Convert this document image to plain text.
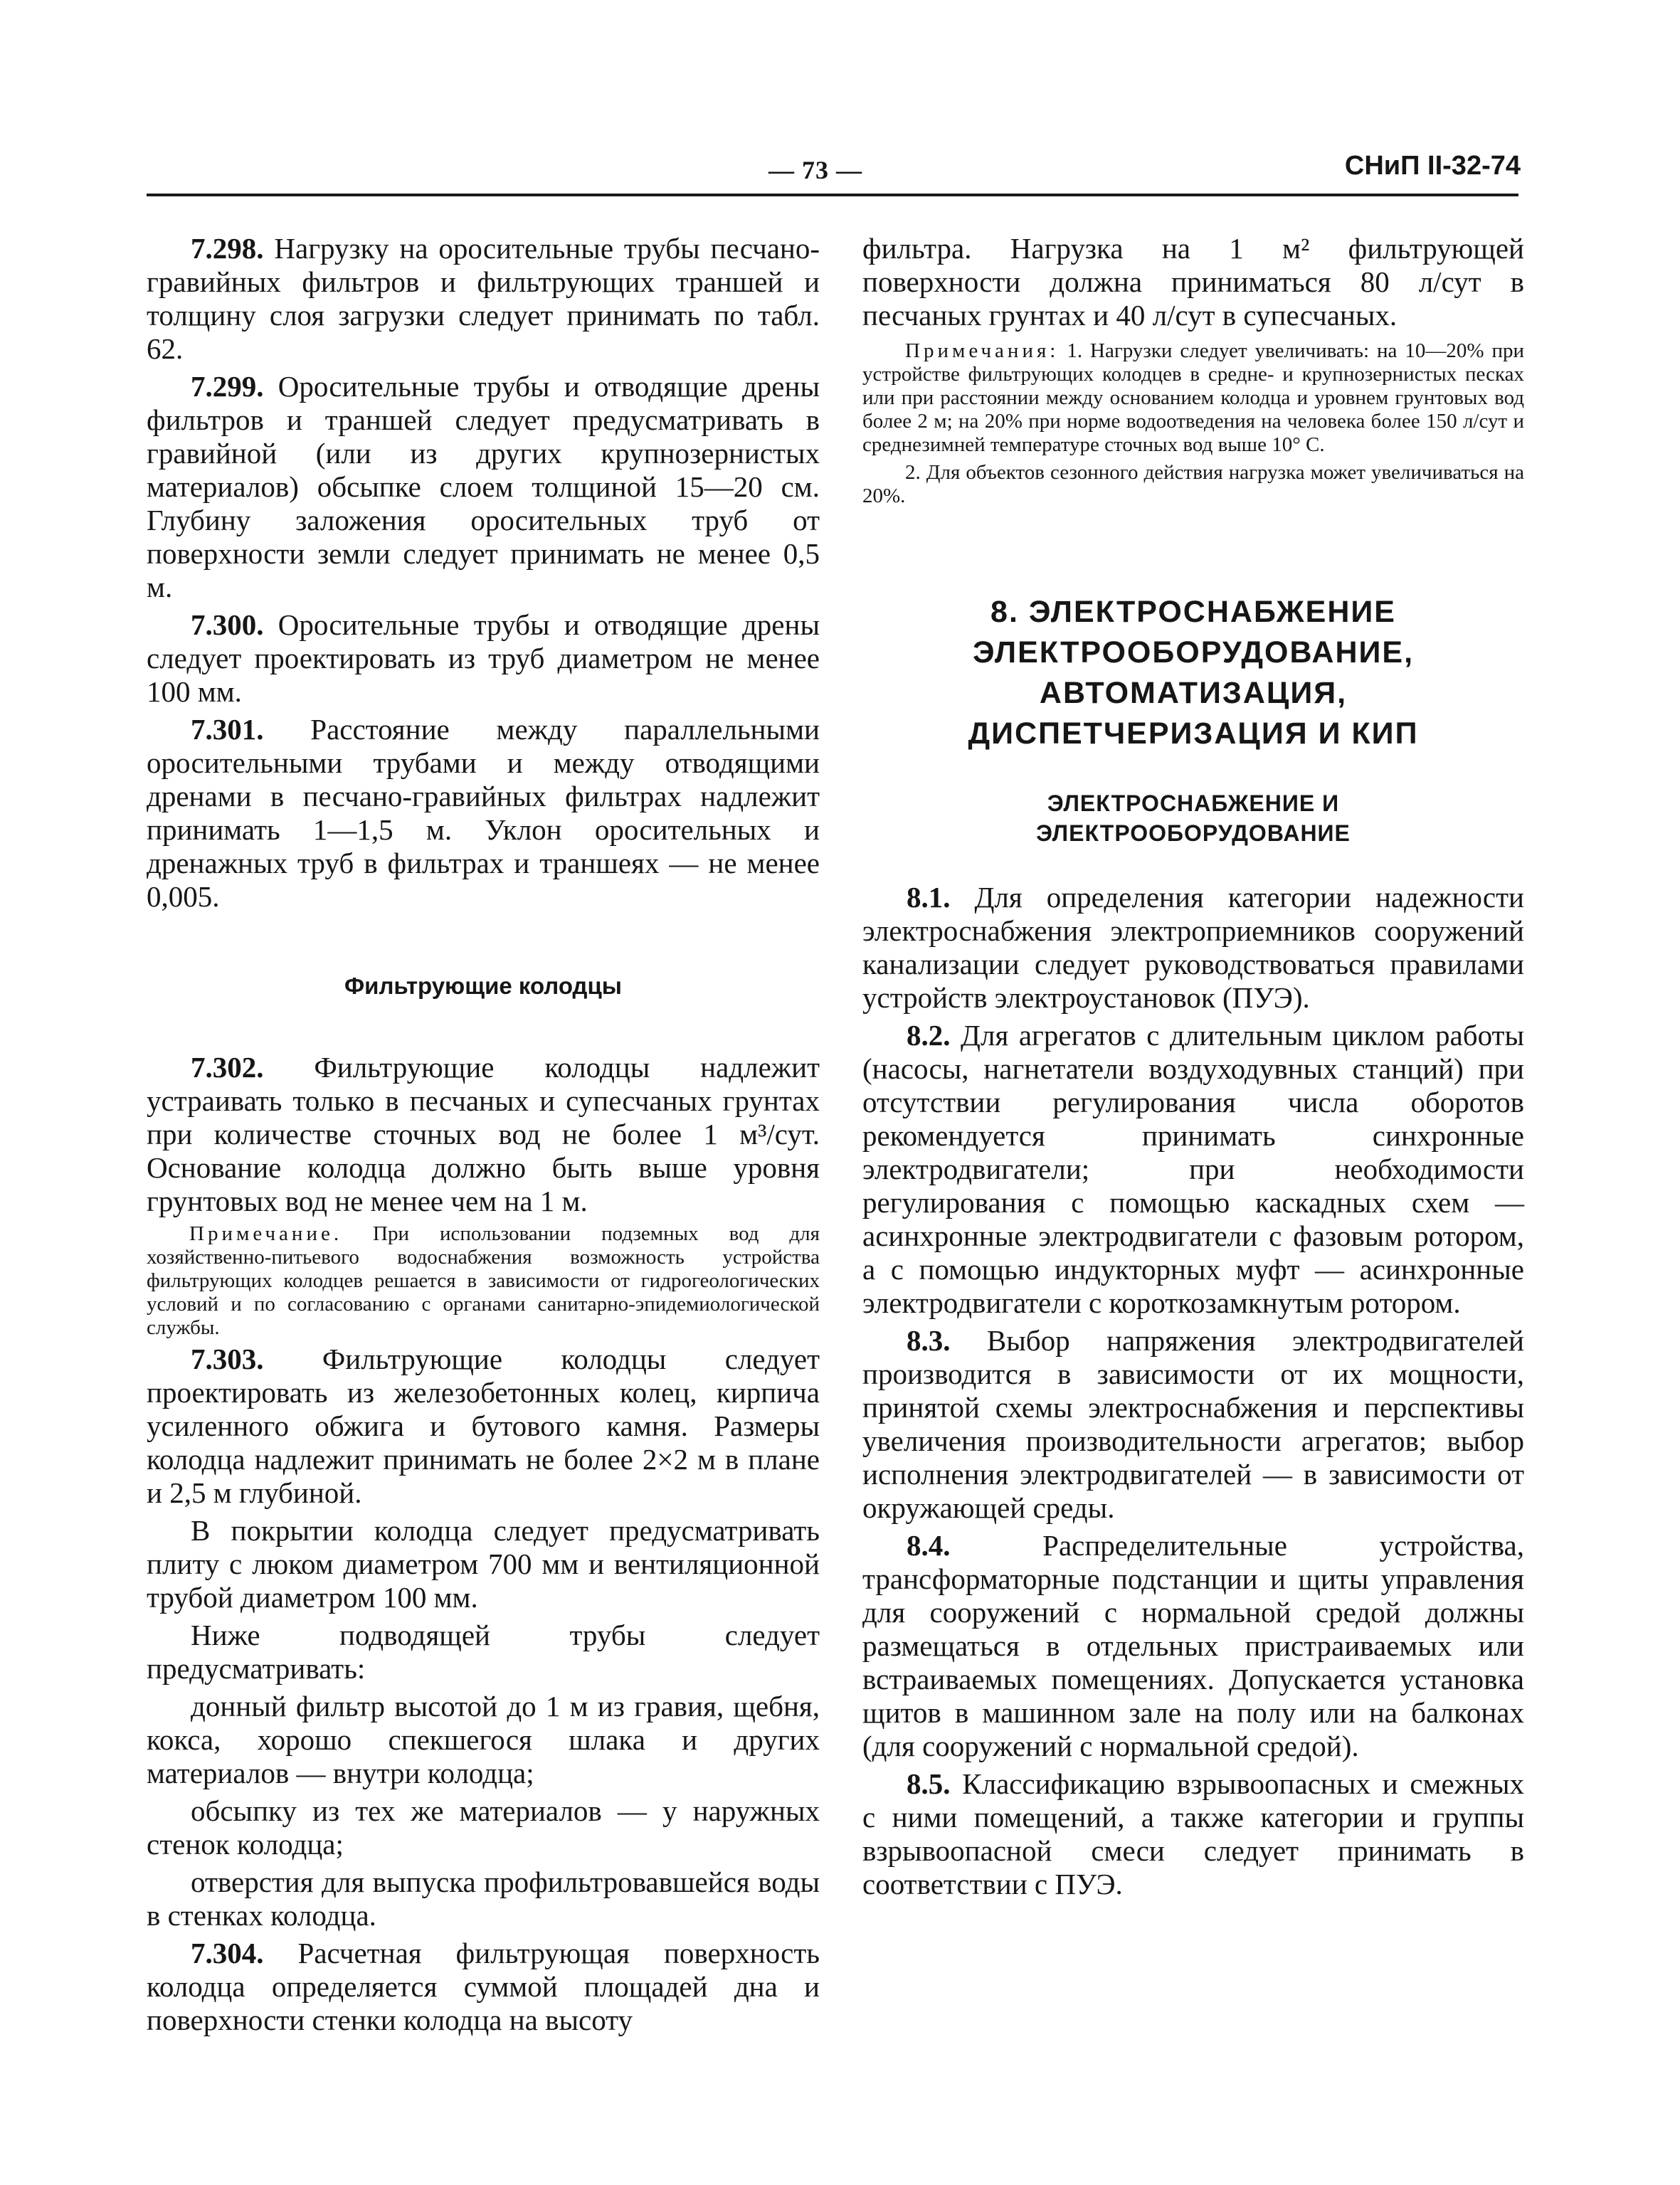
— 73 —	СНиП II-32-74

7.298. Нагрузку на оросительные трубы песчано-гравийных фильтров и фильтрующих траншей и толщину слоя загрузки следует принимать по табл. 62.

7.299. Оросительные трубы и отводящие дрены фильтров и траншей следует предусматривать в гравийной (или из других крупнозернистых материалов) обсыпке слоем толщиной 15—20 см. Глубину заложения оросительных труб от поверхности земли следует принимать не менее 0,5 м.

7.300. Оросительные трубы и отводящие дрены следует проектировать из труб диаметром не менее 100 мм.

7.301. Расстояние между параллельными оросительными трубами и между отводящими дренами в песчано-гравийных фильтрах надлежит принимать 1—1,5 м. Уклон оросительных и дренажных труб в фильтрах и траншеях — не менее 0,005.

Фильтрующие колодцы

7.302. Фильтрующие колодцы надлежит устраивать только в песчаных и супесчаных грунтах при количестве сточных вод не более 1 м³/сут. Основание колодца должно быть выше уровня грунтовых вод не менее чем на 1 м.

Примечание. При использовании подземных вод для хозяйственно-питьевого водоснабжения возможность устройства фильтрующих колодцев решается в зависимости от гидрогеологических условий и по согласованию с органами санитарно-эпидемиологической службы.

7.303. Фильтрующие колодцы следует проектировать из железобетонных колец, кирпича усиленного обжига и бутового камня. Размеры колодца надлежит принимать не более 2×2 м в плане и 2,5 м глубиной.

В покрытии колодца следует предусматривать плиту с люком диаметром 700 мм и вентиляционной трубой диаметром 100 мм.

Ниже подводящей трубы следует предусматривать:

донный фильтр высотой до 1 м из гравия, щебня, кокса, хорошо спекшегося шлака и других материалов — внутри колодца;

обсыпку из тех же материалов — у наружных стенок колодца;

отверстия для выпуска профильтровавшейся воды в стенках колодца.

7.304. Расчетная фильтрующая поверхность колодца определяется суммой площадей дна и поверхности стенки колодца на высоту

фильтра. Нагрузка на 1 м² фильтрующей поверхности должна приниматься 80 л/сут в песчаных грунтах и 40 л/сут в супесчаных.

Примечания: 1. Нагрузки следует увеличивать: на 10—20% при устройстве фильтрующих колодцев в средне- и крупнозернистых песках или при расстоянии между основанием колодца и уровнем грунтовых вод более 2 м; на 20% при норме водоотведения на человека более 150 л/сут и среднезимней температуре сточных вод выше 10° С.

2. Для объектов сезонного действия нагрузка может увеличиваться на 20%.

8. ЭЛЕКТРОСНАБЖЕНИЕ
ЭЛЕКТРООБОРУДОВАНИЕ,
АВТОМАТИЗАЦИЯ,
ДИСПЕТЧЕРИЗАЦИЯ И КИП
ЭЛЕКТРОСНАБЖЕНИЕ И
ЭЛЕКТРООБОРУДОВАНИЕ

8.1. Для определения категории надежности электроснабжения электроприемников сооружений канализации следует руководствоваться правилами устройств электроустановок (ПУЭ).

8.2. Для агрегатов с длительным циклом работы (насосы, нагнетатели воздуходувных станций) при отсутствии регулирования числа оборотов рекомендуется принимать синхронные электродвигатели; при необходимости регулирования с помощью каскадных схем — асинхронные электродвигатели с фазовым ротором, а с помощью индукторных муфт — асинхронные электродвигатели с короткозамкнутым ротором.

8.3. Выбор напряжения электродвигателей производится в зависимости от их мощности, принятой схемы электроснабжения и перспективы увеличения производительности агрегатов; выбор исполнения электродвигателей — в зависимости от окружающей среды.

8.4. Распределительные устройства, трансформаторные подстанции и щиты управления для сооружений с нормальной средой должны размещаться в отдельных пристраиваемых или встраиваемых помещениях. Допускается установка щитов в машинном зале на полу или на балконах (для сооружений с нормальной средой).

8.5. Классификацию взрывоопасных и смежных с ними помещений, а также категории и группы взрывоопасной смеси следует принимать в соответствии с ПУЭ.
